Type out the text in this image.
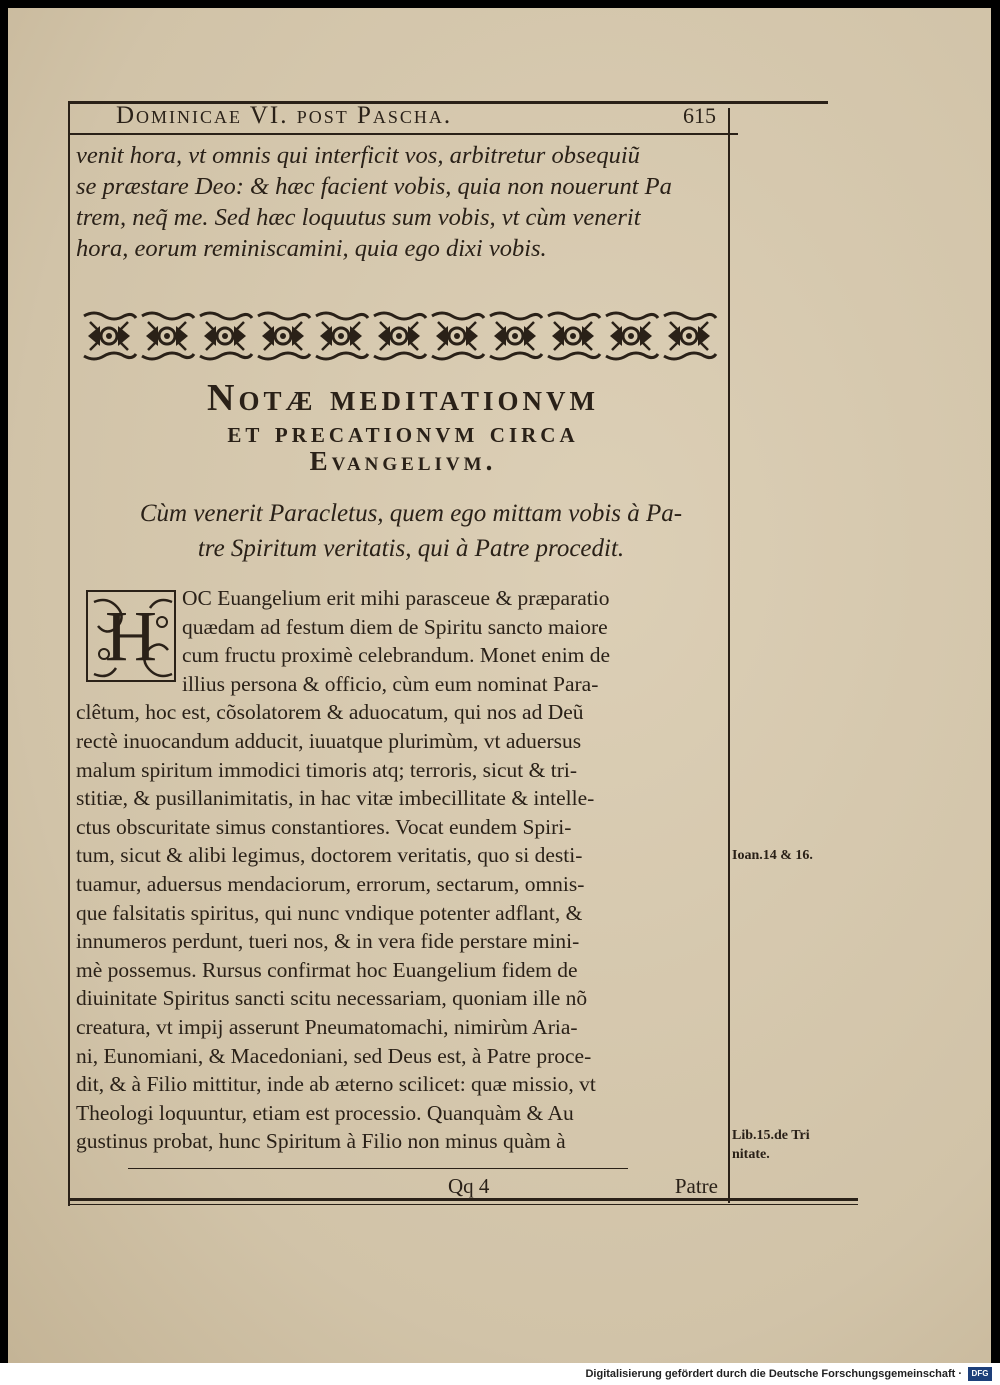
Dominicae VI. post Pascha.	615
venit hora, vt omnis qui interficit vos, arbitretur obsequiũ
se præstare Deo: & hæc facient vobis, quia non nouerunt Pa
trem, neq̃ me. Sed hæc loquutus sum vobis, vt cùm venerit
hora, eorum reminiscamini, quia ego dixi vobis.
Notæ meditationvm
et precationvm circa
Evangelivm.
Cùm venerit Paracletus, quem ego mittam vobis à Pa-
tre Spiritum veritatis, qui à Patre procedit.
H	OC Euangelium erit mihi parasceue & præparatio
quædam ad festum diem de Spiritu sancto maiore
cum fructu proximè celebrandum. Monet enim de
illius persona & officio, cùm eum nominat Para-
clêtum, hoc est, cõsolatorem & aduocatum, qui nos ad Deũ
rectè inuocandum adducit, iuuatque plurimùm, vt aduersus
malum spiritum immodici timoris atq; terroris, sicut & tri-
stitiæ, & pusillanimitatis, in hac vitæ imbecillitate & intelle-
ctus obscuritate simus constantiores. Vocat eundem Spiri-
tum, sicut & alibi legimus, doctorem veritatis, quo si desti-
tuamur, aduersus mendaciorum, errorum, sectarum, omnis-
que falsitatis spiritus, qui nunc vndique potenter adflant, &
innumeros perdunt, tueri nos, & in vera fide perstare mini-
mè possemus. Rursus confirmat hoc Euangelium fidem de
diuinitate Spiritus sancti scitu necessariam, quoniam ille nõ
creatura, vt impij asserunt Pneumatomachi, nimirùm Aria-
ni, Eunomiani, & Macedoniani, sed Deus est, à Patre proce-
dit, & à Filio mittitur, inde ab æterno scilicet: quæ missio, vt
Theologi loquuntur, etiam est processio. Quanquàm & Au
gustinus probat, hunc Spiritum à Filio non minus quàm à
Ioan.14 & 16.
Lib.15.de Tri
nitate.
Qq 4	Patre
Digitalisierung gefördert durch die Deutsche Forschungsgemeinschaft ·	DFG
